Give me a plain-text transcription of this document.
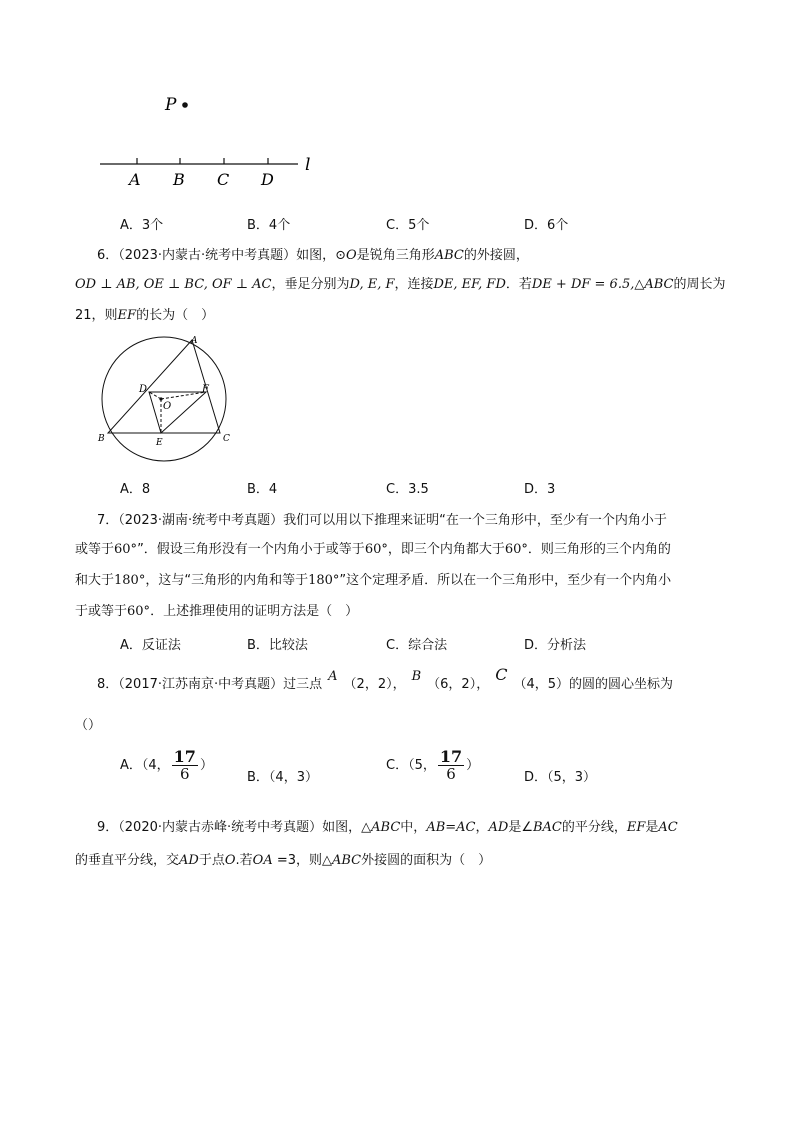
P
A B C D
l
A．3个	B．4个	C．5个	D．6个
6．（2023·内蒙古·统考中考真题）如图，⊙O是锐角三角形ABC的外接圆，
OD ⊥ AB, OE ⊥ BC, OF ⊥ AC，垂足分别为D, E, F，连接DE, EF, FD．若DE + DF = 6.5,△ABC的周长为
21，则EF的长为（　）
A
B	C
D
E
F
O
A．8	B．4	C．3.5	D．3
7．（2023·湖南·统考中考真题）我们可以用以下推理来证明“在一个三角形中，至少有一个内角小于
或等于60°”．假设三角形没有一个内角小于或等于60°，即三个内角都大于60°．则三角形的三个内角的
和大于180°，这与“三角形的内角和等于180°”这个定理矛盾．所以在一个三角形中，至少有一个内角小
于或等于60°．上述推理使用的证明方法是（　）
A．反证法	B．比较法	C．综合法	D．分析法
8．（2017·江苏南京·中考真题）过三点A（2，2），B（6，2），C（4，5）的圆的圆心坐标为
（）
A．（4， $\frac{17}{6}$ ）
B．（4，3）
C．（5， $\frac{17}{6}$ ）
D．（5，3）
9．（2020·内蒙古赤峰·统考中考真题）如图，△ABC中，AB=AC，AD是∠BAC的平分线，EF是AC
的垂直平分线，交AD于点O.若OA =3，则△ABC外接圆的面积为（　）
